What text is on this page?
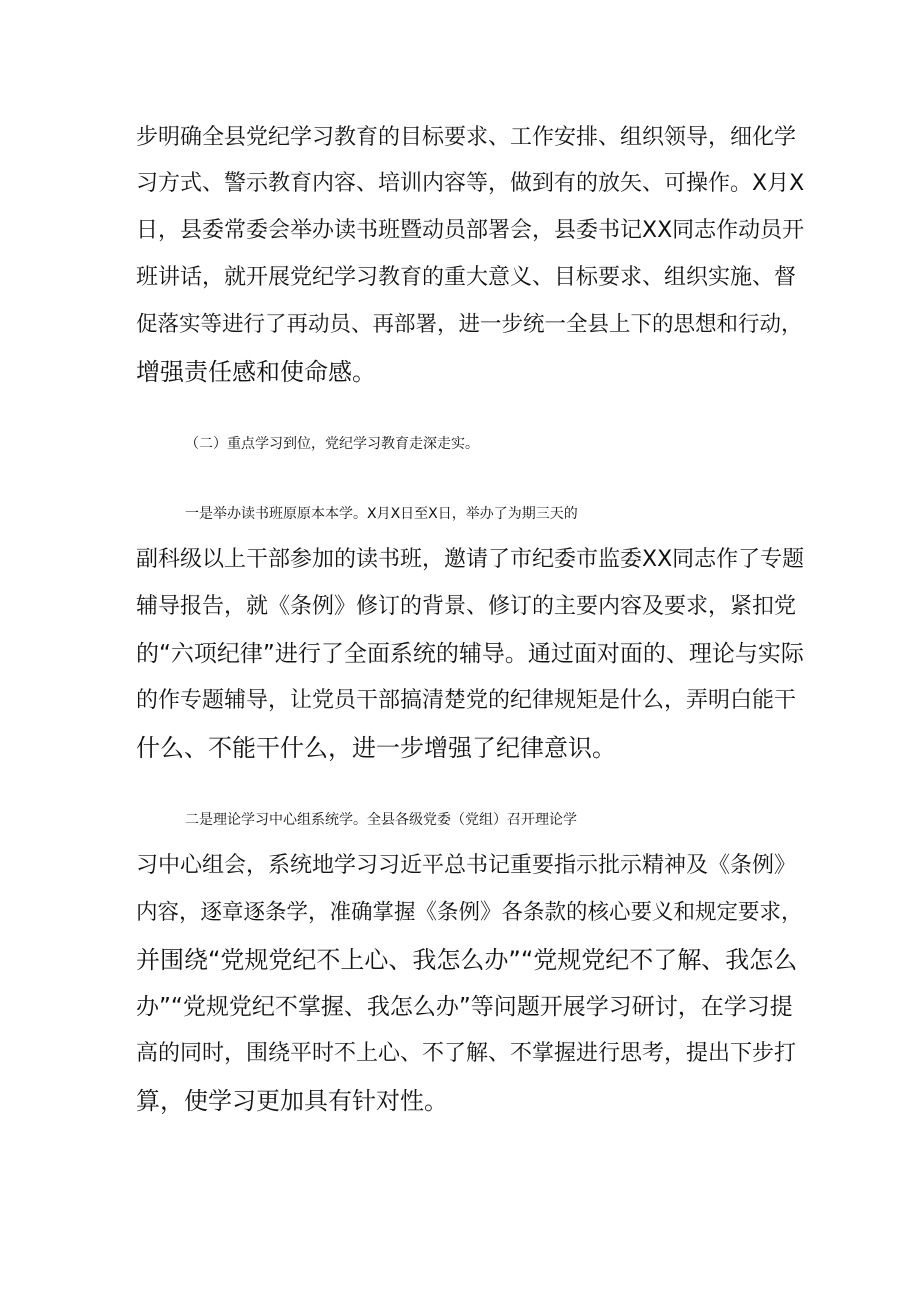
步明确全县党纪学习教育的目标要求、工作安排、组织领导，细化学
习方式、警示教育内容、培训内容等，做到有的放矢、可操作。X月X
日，县委常委会举办读书班暨动员部署会，县委书记XX同志作动员开
班讲话，就开展党纪学习教育的重大意义、目标要求、组织实施、督
促落实等进行了再动员、再部署，进一步统一全县上下的思想和行动，
增强责任感和使命感。
（二）重点学习到位，党纪学习教育走深走实。
一是举办读书班原原本本学。X月X日至X日，举办了为期三天的
副科级以上干部参加的读书班，邀请了市纪委市监委XX同志作了专题
辅导报告，就《条例》修订的背景、修订的主要内容及要求，紧扣党
的“六项纪律”进行了全面系统的辅导。通过面对面的、理论与实际
的作专题辅导，让党员干部搞清楚党的纪律规矩是什么，弄明白能干
什么、不能干什么，进一步增强了纪律意识。
二是理论学习中心组系统学。全县各级党委（党组）召开理论学
习中心组会，系统地学习习近平总书记重要指示批示精神及《条例》
内容，逐章逐条学，准确掌握《条例》各条款的核心要义和规定要求，
并围绕“党规党纪不上心、我怎么办”“党规党纪不了解、我怎么
办”“党规党纪不掌握、我怎么办”等问题开展学习研讨，在学习提
高的同时，围绕平时不上心、不了解、不掌握进行思考，提出下步打
算，使学习更加具有针对性。
